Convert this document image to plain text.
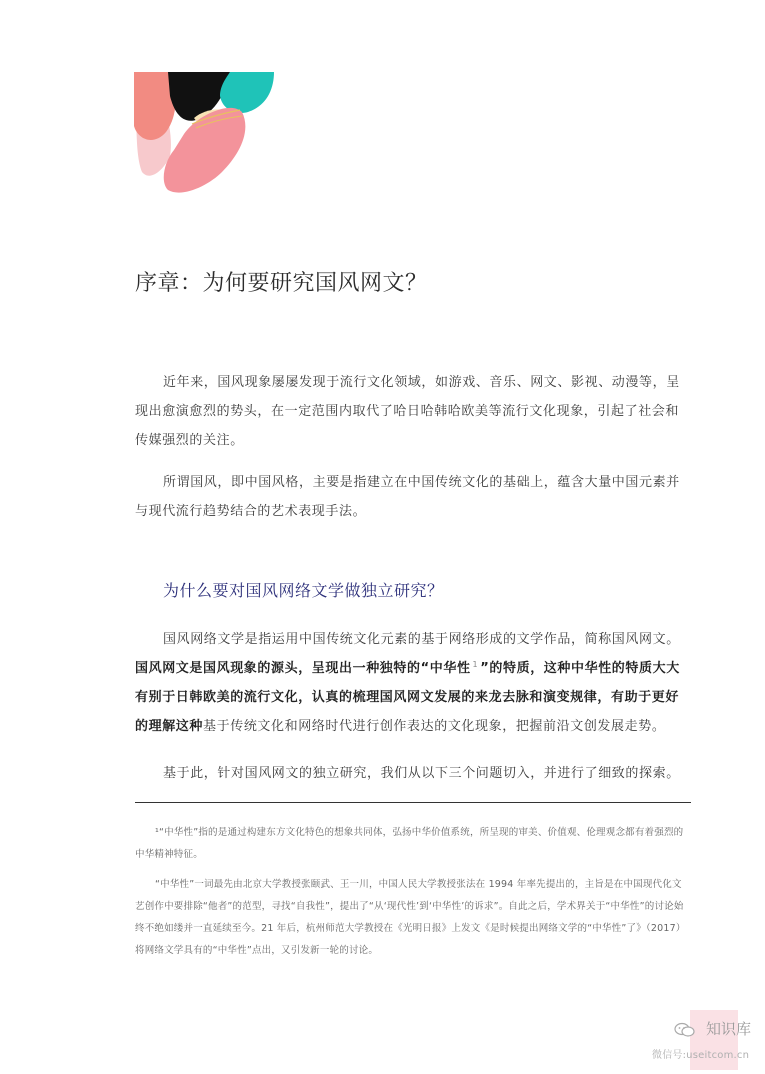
序章：为何要研究国风网文？

近年来，国风现象屡屡发现于流行文化领域，如游戏、音乐、网文、影视、动漫等，呈现出愈演愈烈的势头，在一定范围内取代了哈日哈韩哈欧美等流行文化现象，引起了社会和传媒强烈的关注。

所谓国风，即中国风格，主要是指建立在中国传统文化的基础上，蕴含大量中国元素并与现代流行趋势结合的艺术表现手法。

为什么要对国风网络文学做独立研究？

国风网络文学是指运用中国传统文化元素的基于网络形成的文学作品，简称国风网文。

国风网文是国风现象的源头，呈现出一种独特的“中华性 $^1$ ”的特质，这种中华性的特质大大有别于日韩欧美的流行文化，认真的梳理国风网文发展的来龙去脉和演变规律，有助于更好的理解这种基于传统文化和网络时代进行创作表达的文化现象，把握前沿文创发展走势。

基于此，针对国风网文的独立研究，我们从以下三个问题切入，并进行了细致的探索。

¹“中华性”指的是通过构建东方文化特色的想象共同体，弘扬中华价值系统，所呈现的审美、价值观、伦理观念都有着强烈的中华精神特征。

“中华性”一词最先由北京大学教授张颐武、王一川，中国人民大学教授张法在 1994 年率先提出的，主旨是在中国现代化文艺创作中要排除“他者”的范型，寻找“自我性”，提出了“从‘现代性’到‘中华性’的诉求”。自此之后，学术界关于“中华性”的讨论始终不绝如缕并一直延续至今。21 年后，杭州师范大学教授在《光明日报》上发文《是时候提出网络文学的“中华性”了》（2017）将网络文学具有的“中华性”点出，又引发新一轮的讨论。

知识库
微信号:useitcom.cn
